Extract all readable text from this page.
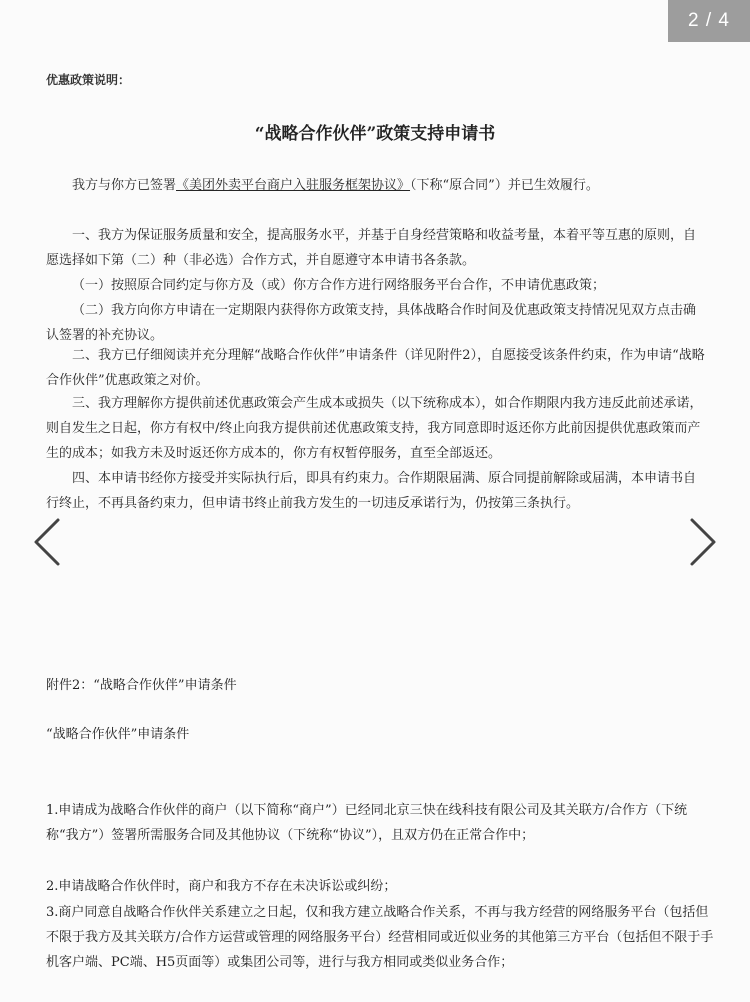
2 / 4
优惠政策说明：
“战略合作伙伴”政策支持申请书
我方与你方已签署《美团外卖平台商户入驻服务框架协议》（下称“原合同”）并已生效履行。
一、我方为保证服务质量和安全，提高服务水平，并基于自身经营策略和收益考量，本着平等互惠的原则，自愿选择如下第（二）种（非必选）合作方式，并自愿遵守本申请书各条款。
（一）按照原合同约定与你方及（或）你方合作方进行网络服务平台合作，不申请优惠政策；
（二）我方向你方申请在一定期限内获得你方政策支持，具体战略合作时间及优惠政策支持情况见双方点击确认签署的补充协议。
二、我方已仔细阅读并充分理解“战略合作伙伴”申请条件（详见附件2），自愿接受该条件约束，作为申请“战略合作伙伴”优惠政策之对价。
三、我方理解你方提供前述优惠政策会产生成本或损失（以下统称成本），如合作期限内我方违反此前述承诺，则自发生之日起，你方有权中/终止向我方提供前述优惠政策支持，我方同意即时返还你方此前因提供优惠政策而产生的成本；如我方未及时返还你方成本的，你方有权暂停服务，直至全部返还。
四、本申请书经你方接受并实际执行后，即具有约束力。合作期限届满、原合同提前解除或届满，本申请书自行终止，不再具备约束力，但申请书终止前我方发生的一切违反承诺行为，仍按第三条执行。
附件2：“战略合作伙伴”申请条件
“战略合作伙伴”申请条件
1.申请成为战略合作伙伴的商户（以下简称“商户”）已经同北京三快在线科技有限公司及其关联方/合作方（下统称“我方”）签署所需服务合同及其他协议（下统称“协议”），且双方仍在正常合作中；
2.申请战略合作伙伴时，商户和我方不存在未决诉讼或纠纷；
3.商户同意自战略合作伙伴关系建立之日起，仅和我方建立战略合作关系，不再与我方经营的网络服务平台（包括但不限于我方及其关联方/合作方运营或管理的网络服务平台）经营相同或近似业务的其他第三方平台（包括但不限于手机客户端、PC端、H5页面等）或集团公司等，进行与我方相同或类似业务合作；
